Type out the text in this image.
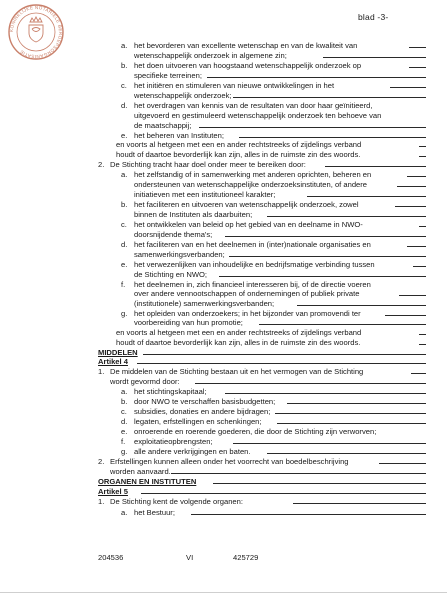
KONINKLIJKE NOTARIËLE BEROEPSORGANISATIE
blad -3-
a. het bevorderen van excellente wetenschap en van de kwaliteit van
wetenschappelijk onderzoek in algemene zin;
b. het doen uitvoeren van hoogstaand wetenschappelijk onderzoek op
specifieke terreinen;
c. het initiëren en stimuleren van nieuwe ontwikkelingen in het
wetenschappelijk onderzoek;
d. het overdragen van kennis van de resultaten van door haar geïnitieerd,
uitgevoerd en gestimuleerd wetenschappelijk onderzoek ten behoeve van
de maatschappij;
e. het beheren van Instituten;
en voorts al hetgeen met een en ander rechtstreeks of zijdelings verband
houdt of daartoe bevorderlijk kan zijn, alles in de ruimste zin des woords.
2. De Stichting tracht haar doel onder meer te bereiken door:
a. het zelfstandig of in samenwerking met anderen oprichten, beheren en
ondersteunen van wetenschappelijke onderzoeksinstituten, of andere
initiatieven met een institutioneel karakter;
b. het faciliteren en uitvoeren van wetenschappelijk onderzoek, zowel
binnen de Instituten als daarbuiten;
c. het ontwikkelen van beleid op het gebied van en deelname in NWO-
doorsnijdende thema's;
d. het faciliteren van en het deelnemen in (inter)nationale organisaties en
samenwerkingsverbanden;
e. het verwezenlijken van inhoudelijke en bedrijfsmatige verbinding tussen
de Stichting en NWO;
f. het deelnemen in, zich financieel interesseren bij, of de directie voeren
over andere vennootschappen of ondernemingen of publiek private
(institutionele) samenwerkingsverbanden;
g. het opleiden van onderzoekers; in het bijzonder van promovendi ter
voorbereiding van hun promotie;
en voorts al hetgeen met een en ander rechtstreeks of zijdelings verband
houdt of daartoe bevorderlijk kan zijn, alles in de ruimste zin des woords.
MIDDELEN
Artikel 4
1. De middelen van de Stichting bestaan uit en het vermogen van de Stichting
wordt gevormd door:
a. het stichtingskapitaal;
b. door NWO te verschaffen basisbudgetten;
c. subsidies, donaties en andere bijdragen;
d. legaten, erfstellingen en schenkingen;
e. onroerende en roerende goederen, die door de Stichting zijn verworven;
f. exploitatieopbrengsten;
g. alle andere verkrijgingen en baten.
2. Erfstellingen kunnen alleen onder het voorrecht van boedelbeschrijving
worden aanvaard.
ORGANEN EN INSTITUTEN
Artikel 5
1. De Stichting kent de volgende organen:
a. het Bestuur;
204536	VI	425729
